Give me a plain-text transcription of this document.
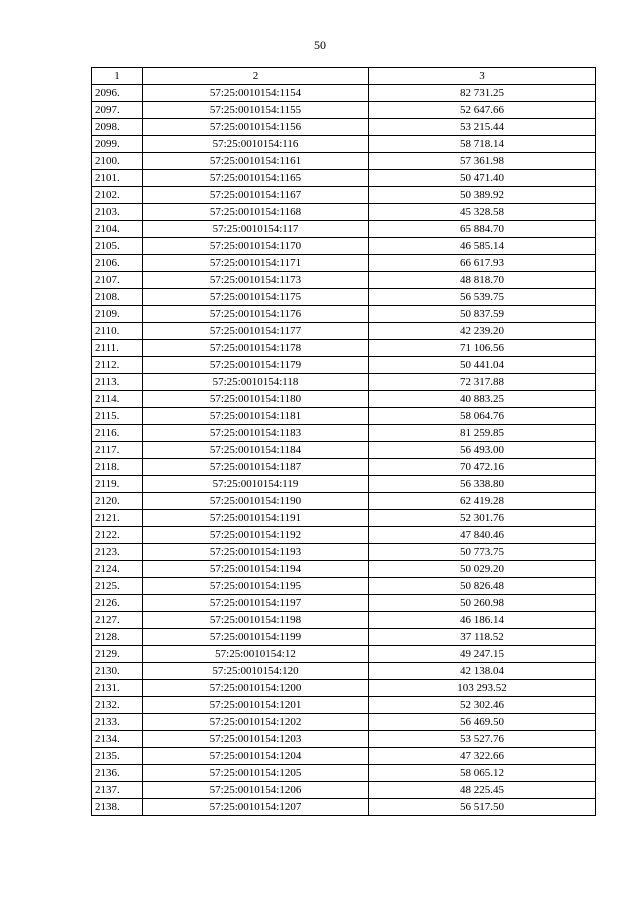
50
1	2	3
2096.	57:25:0010154:1154	82 731.25
2097.	57:25:0010154:1155	52 647.66
2098.	57:25:0010154:1156	53 215.44
2099.	57:25:0010154:116	58 718.14
2100.	57:25:0010154:1161	57 361.98
2101.	57:25:0010154:1165	50 471.40
2102.	57:25:0010154:1167	50 389.92
2103.	57:25:0010154:1168	45 328.58
2104.	57:25:0010154:117	65 884.70
2105.	57:25:0010154:1170	46 585.14
2106.	57:25:0010154:1171	66 617.93
2107.	57:25:0010154:1173	48 818.70
2108.	57:25:0010154:1175	56 539.75
2109.	57:25:0010154:1176	50 837.59
2110.	57:25:0010154:1177	42 239.20
2111.	57:25:0010154:1178	71 106.56
2112.	57:25:0010154:1179	50 441.04
2113.	57:25:0010154:118	72 317.88
2114.	57:25:0010154:1180	40 883.25
2115.	57:25:0010154:1181	58 064.76
2116.	57:25:0010154:1183	81 259.85
2117.	57:25:0010154:1184	56 493.00
2118.	57:25:0010154:1187	70 472.16
2119.	57:25:0010154:119	56 338.80
2120.	57:25:0010154:1190	62 419.28
2121.	57:25:0010154:1191	52 301.76
2122.	57:25:0010154:1192	47 840.46
2123.	57:25:0010154:1193	50 773.75
2124.	57:25:0010154:1194	50 029.20
2125.	57:25:0010154:1195	50 826.48
2126.	57:25:0010154:1197	50 260.98
2127.	57:25:0010154:1198	46 186.14
2128.	57:25:0010154:1199	37 118.52
2129.	57:25:0010154:12	49 247.15
2130.	57:25:0010154:120	42 138.04
2131.	57:25:0010154:1200	103 293.52
2132.	57:25:0010154:1201	52 302.46
2133.	57:25:0010154:1202	56 469.50
2134.	57:25:0010154:1203	53 527.76
2135.	57:25:0010154:1204	47 322.66
2136.	57:25:0010154:1205	58 065.12
2137.	57:25:0010154:1206	48 225.45
2138.	57:25:0010154:1207	56 517.50
